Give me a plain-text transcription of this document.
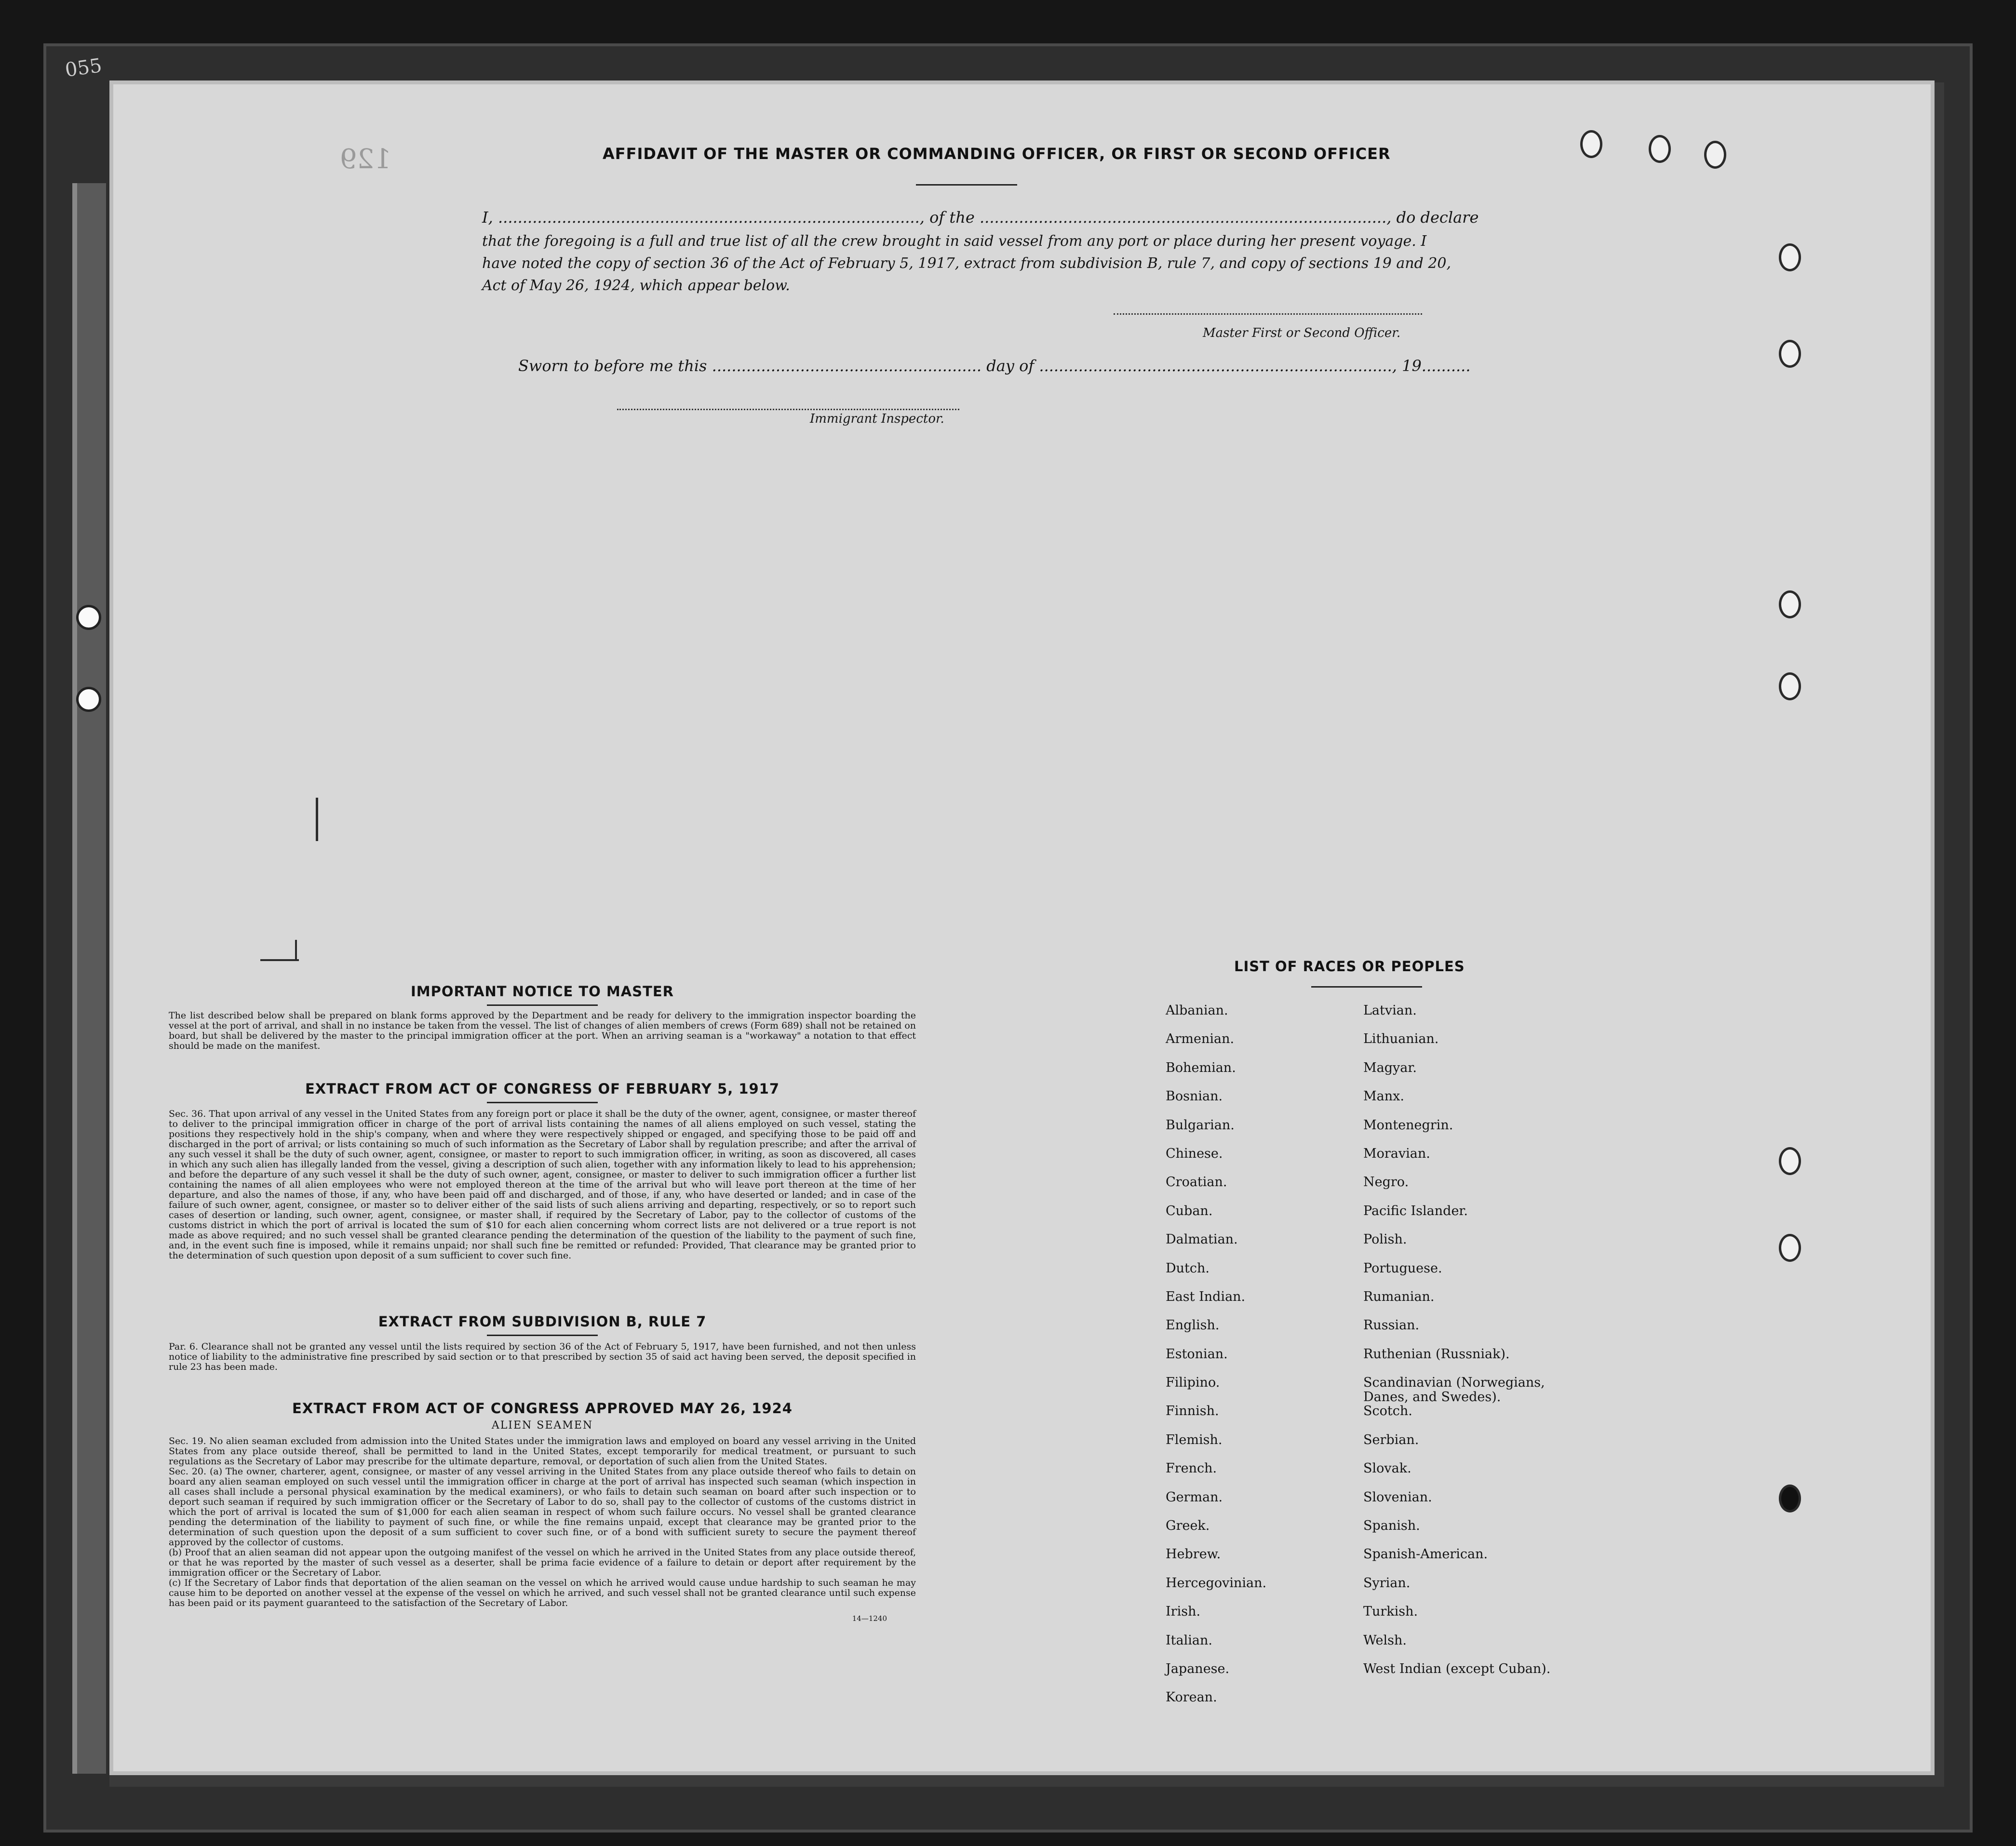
055
129	AFFIDAVIT OF THE MASTER OR COMMANDING OFFICER, OR FIRST OR SECOND OFFICER
I, ......................................................................................, of the ..................................................................................., do declare
that the foregoing is a full and true list of all the crew brought in said vessel from any port or place during her present voyage. I have noted the copy of section 36 of the Act of February 5, 1917, extract from subdivision B, rule 7, and copy of sections 19 and 20, Act of May 26, 1924, which appear below.
Master First or Second Officer.
Sworn to before me this ....................................................... day of ........................................................................, 19..........
Immigrant Inspector.
IMPORTANT NOTICE TO MASTER

The list described below shall be prepared on blank forms approved by the Department and be ready for delivery to the immigration inspector boarding the vessel at the port of arrival, and shall in no instance be taken from the vessel. The list of changes of alien members of crews (Form 689) shall not be retained on board, but shall be delivered by the master to the principal immigration officer at the port. When an arriving seaman is a "workaway" a notation to that effect should be made on the manifest.

EXTRACT FROM ACT OF CONGRESS OF FEBRUARY 5, 1917

Sec. 36. That upon arrival of any vessel in the United States from any foreign port or place it shall be the duty of the owner, agent, consignee, or master thereof to deliver to the principal immigration officer in charge of the port of arrival lists containing the names of all aliens employed on such vessel, stating the positions they respectively hold in the ship's company, when and where they were respectively shipped or engaged, and specifying those to be paid off and discharged in the port of arrival; or lists containing so much of such information as the Secretary of Labor shall by regulation prescribe; and after the arrival of any such vessel it shall be the duty of such owner, agent, consignee, or master to report to such immigration officer, in writing, as soon as discovered, all cases in which any such alien has illegally landed from the vessel, giving a description of such alien, together with any information likely to lead to his apprehension; and before the departure of any such vessel it shall be the duty of such owner, agent, consignee, or master to deliver to such immigration officer a further list containing the names of all alien employees who were not employed thereon at the time of the arrival but who will leave port thereon at the time of her departure, and also the names of those, if any, who have been paid off and discharged, and of those, if any, who have deserted or landed; and in case of the failure of such owner, agent, consignee, or master so to deliver either of the said lists of such aliens arriving and departing, respectively, or so to report such cases of desertion or landing, such owner, agent, consignee, or master shall, if required by the Secretary of Labor, pay to the collector of customs of the customs district in which the port of arrival is located the sum of $10 for each alien concerning whom correct lists are not delivered or a true report is not made as above required; and no such vessel shall be granted clearance pending the determination of the question of the liability to the payment of such fine, and, in the event such fine is imposed, while it remains unpaid; nor shall such fine be remitted or refunded: Provided, That clearance may be granted prior to the determination of such question upon deposit of a sum sufficient to cover such fine.

EXTRACT FROM SUBDIVISION B, RULE 7

Par. 6. Clearance shall not be granted any vessel until the lists required by section 36 of the Act of February 5, 1917, have been furnished, and not then unless notice of liability to the administrative fine prescribed by said section or to that prescribed by section 35 of said act having been served, the deposit specified in rule 23 has been made.

EXTRACT FROM ACT OF CONGRESS APPROVED MAY 26, 1924
ALIEN SEAMEN

Sec. 19. No alien seaman excluded from admission into the United States under the immigration laws and employed on board any vessel arriving in the United States from any place outside thereof, shall be permitted to land in the United States, except temporarily for medical treatment, or pursuant to such regulations as the Secretary of Labor may prescribe for the ultimate departure, removal, or deportation of such alien from the United States.

Sec. 20. (a) The owner, charterer, agent, consignee, or master of any vessel arriving in the United States from any place outside thereof who fails to detain on board any alien seaman employed on such vessel until the immigration officer in charge at the port of arrival has inspected such seaman (which inspection in all cases shall include a personal physical examination by the medical examiners), or who fails to detain such seaman on board after such inspection or to deport such seaman if required by such immigration officer or the Secretary of Labor to do so, shall pay to the collector of customs of the customs district in which the port of arrival is located the sum of $1,000 for each alien seaman in respect of whom such failure occurs. No vessel shall be granted clearance pending the determination of the liability to payment of such fine, or while the fine remains unpaid, except that clearance may be granted prior to the determination of such question upon the deposit of a sum sufficient to cover such fine, or of a bond with sufficient surety to secure the payment thereof approved by the collector of customs.

(b) Proof that an alien seaman did not appear upon the outgoing manifest of the vessel on which he arrived in the United States from any place outside thereof, or that he was reported by the master of such vessel as a deserter, shall be prima facie evidence of a failure to detain or deport after requirement by the immigration officer or the Secretary of Labor.

(c) If the Secretary of Labor finds that deportation of the alien seaman on the vessel on which he arrived would cause undue hardship to such seaman he may cause him to be deported on another vessel at the expense of the vessel on which he arrived, and such vessel shall not be granted clearance until such expense has been paid or its payment guaranteed to the satisfaction of the Secretary of Labor.

14—1240
LIST OF RACES OR PEOPLES
Albanian.
Armenian.
Bohemian.
Bosnian.
Bulgarian.
Chinese.
Croatian.
Cuban.
Dalmatian.
Dutch.
East Indian.
English.
Estonian.
Filipino.
Finnish.
Flemish.
French.
German.
Greek.
Hebrew.
Hercegovinian.
Irish.
Italian.
Japanese.
Korean.
Latvian.
Lithuanian.
Magyar.
Manx.
Montenegrin.
Moravian.
Negro.
Pacific Islander.
Polish.
Portuguese.
Rumanian.
Russian.
Ruthenian (Russniak).
Scandinavian (Norwegians,
Danes, and Swedes).
Scotch.
Serbian.
Slovak.
Slovenian.
Spanish.
Spanish-American.
Syrian.
Turkish.
Welsh.
West Indian (except Cuban).
